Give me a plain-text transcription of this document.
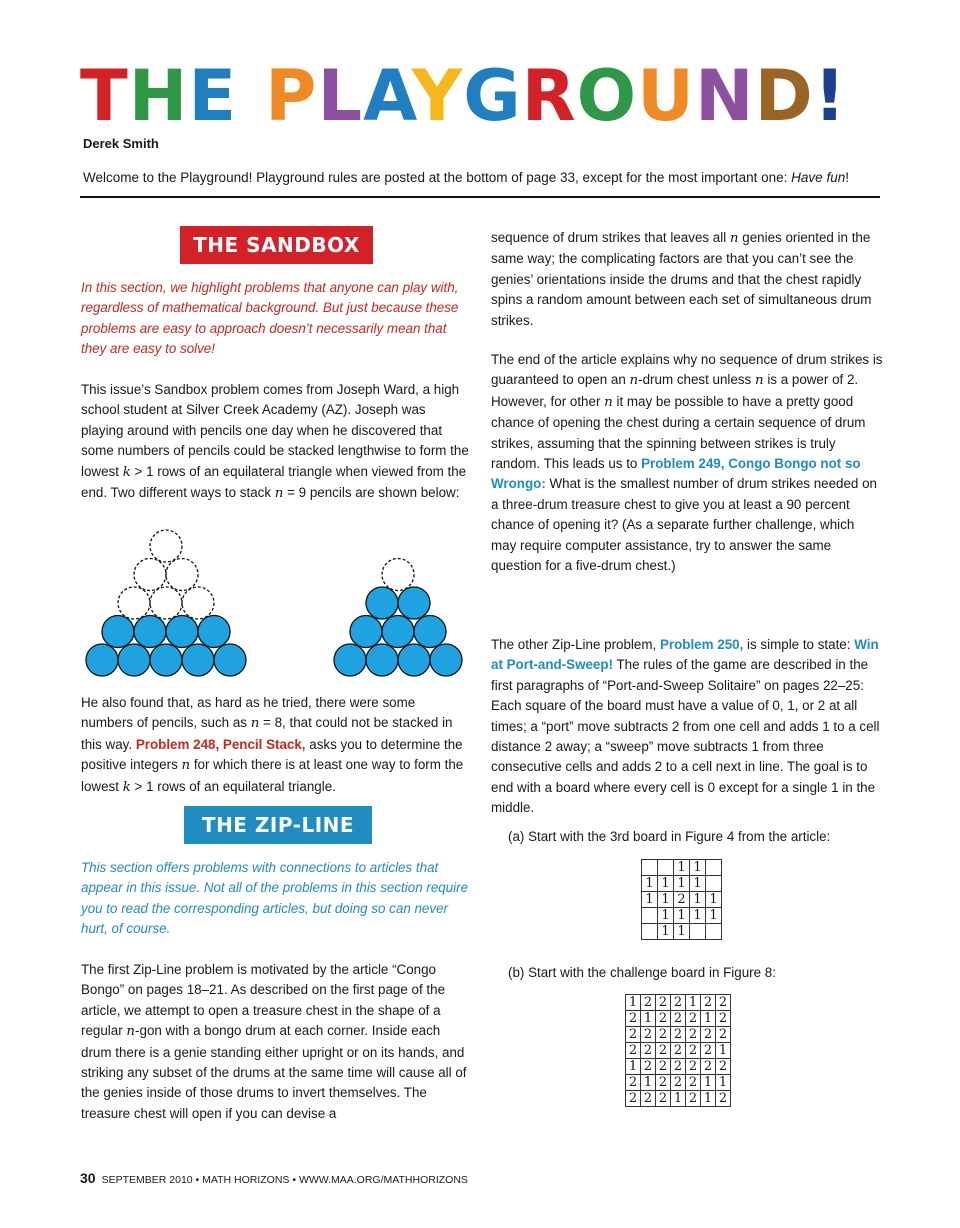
THE PLAYGROUND!
Derek Smith
Welcome to the Playground! Playground rules are posted at the bottom of page 33, except for the most important one: Have fun!
THE SANDBOX

In this section, we highlight problems that anyone can play with, regardless of mathematical background. But just because these problems are easy to approach doesn’t necessarily mean that they are easy to solve!

This issue’s Sandbox problem comes from Joseph Ward, a high school student at Silver Creek Academy (AZ). Joseph was playing around with pencils one day when he discovered that some numbers of pencils could be stacked lengthwise to form the lowest k > 1 rows of an equilateral triangle when viewed from the end. Two different ways to stack n = 9 pencils are shown below:

He also found that, as hard as he tried, there were some numbers of pencils, such as n = 8, that could not be stacked in this way. Problem 248, Pencil Stack, asks you to determine the positive integers n for which there is at least one way to form the lowest k > 1 rows of an equilateral triangle.

THE ZIP-LINE

This section offers problems with connections to articles that appear in this issue. Not all of the problems in this section require you to read the corresponding articles, but doing so can never hurt, of course.

The first Zip-Line problem is motivated by the article “Congo Bongo” on pages 18–21. As described on the first page of the article, we attempt to open a treasure chest in the shape of a regular n-gon with a bongo drum at each corner. Inside each drum there is a genie standing either upright or on its hands, and striking any subset of the drums at the same time will cause all of the genies inside of those drums to invert themselves. The treasure chest will open if you can devise a

sequence of drum strikes that leaves all n genies oriented in the same way; the complicating factors are that you can’t see the genies’ orientations inside the drums and that the chest rapidly spins a random amount between each set of simultaneous drum strikes.

The end of the article explains why no sequence of drum strikes is guaranteed to open an n-drum chest unless n is a power of 2. However, for other n it may be possible to have a pretty good chance of opening the chest during a certain sequence of drum strikes, assuming that the spinning between strikes is truly random. This leads us to Problem 249, Congo Bongo not so Wrongo: What is the smallest number of drum strikes needed on a three-drum treasure chest to give you at least a 90 percent chance of opening it? (As a separate further challenge, which may require computer assistance, try to answer the same question for a five-drum chest.)

The other Zip-Line problem, Problem 250, is simple to state: Win at Port-and-Sweep! The rules of the game are described in the first paragraphs of “Port-and-Sweep Solitaire” on pages 22–25: Each square of the board must have a value of 0, 1, or 2 at all times; a “port” move subtracts 2 from one cell and adds 1 to a cell distance 2 away; a “sweep” move subtracts 1 from three consecutive cells and adds 2 to a cell next in line. The goal is to end with a board where every cell is 0 except for a single 1 in the middle.

(a) Start with the 3rd board in Figure 4 from the article:
		1	1	
1	1	1	1	
1	1	2	1	1
	1	1	1	1
	1	1		
(b) Start with the challenge board in Figure 8:
1	2	2	2	1	2	2
2	1	2	2	2	1	2
2	2	2	2	2	2	2
2	2	2	2	2	2	1
1	2	2	2	2	2	2
2	1	2	2	2	1	1
2	2	2	1	2	1	2
30 SEPTEMBER 2010 • MATH HORIZONS • WWW.MAA.ORG/MATHHORIZONS
